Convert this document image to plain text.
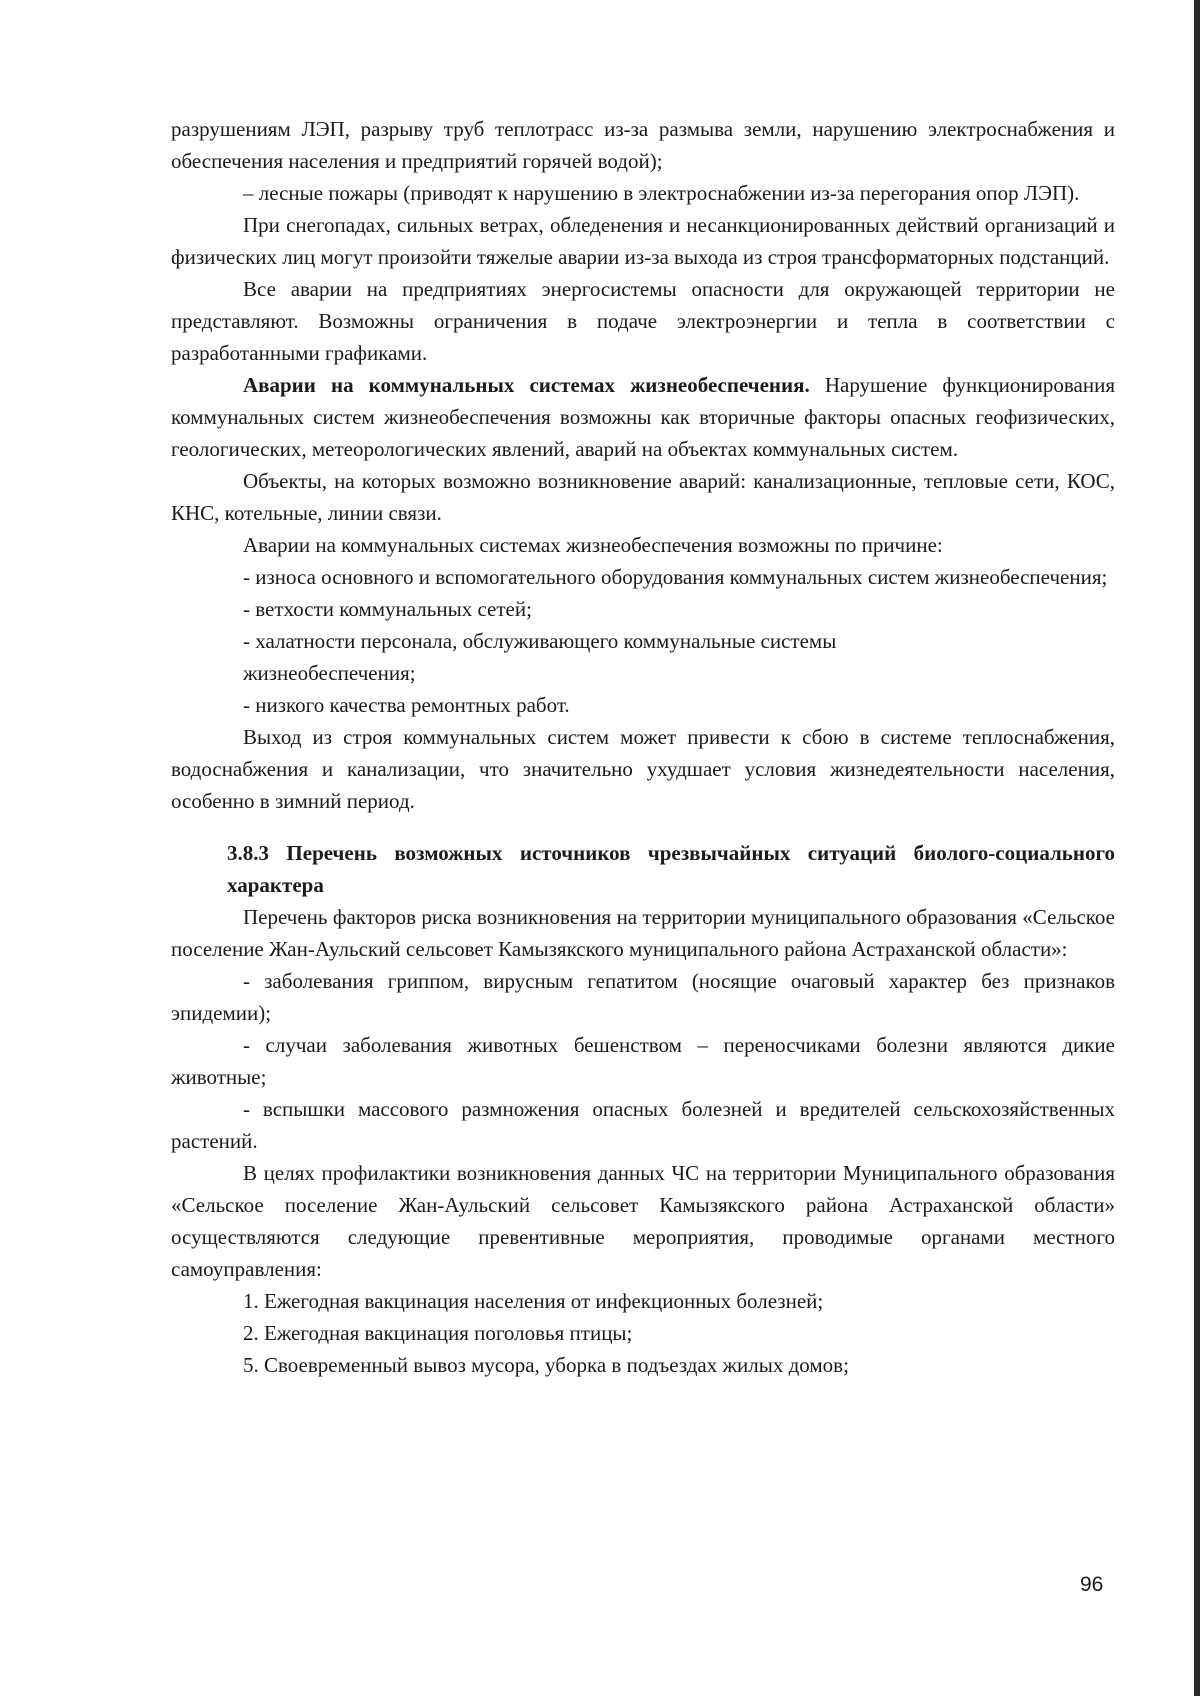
разрушениям ЛЭП, разрыву труб теплотрасс из-за размыва земли, нарушению электроснабжения и обеспечения населения и предприятий горячей водой);

– лесные пожары (приводят к нарушению в электроснабжении из-за перегорания опор ЛЭП).

При снегопадах, сильных ветрах, обледенения и несанкционированных действий организаций и физических лиц могут произойти тяжелые аварии из-за выхода из строя трансформаторных подстанций.

Все аварии на предприятиях энергосистемы опасности для окружающей территории не представляют. Возможны ограничения в подаче электроэнергии и тепла в соответствии с разработанными графиками.

Аварии на коммунальных системах жизнеобеспечения. Нарушение функционирования коммунальных систем жизнеобеспечения возможны как вторичные факторы опасных геофизических, геологических, метеорологических явлений, аварий на объектах коммунальных систем.

Объекты, на которых возможно возникновение аварий: канализационные, тепловые сети, КОС, КНС, котельные, линии связи.

Аварии на коммунальных системах жизнеобеспечения возможны по причине:

- износа основного и вспомогательного оборудования коммунальных систем жизнеобеспечения;

- ветхости коммунальных сетей;

- халатности персонала, обслуживающего коммунальные системы

жизнеобеспечения;

- низкого качества ремонтных работ.

Выход из строя коммунальных систем может привести к сбою в системе теплоснабжения, водоснабжения и канализации, что значительно ухудшает условия жизнедеятельности населения, особенно в зимний период.

3.8.3 Перечень возможных источников чрезвычайных ситуаций биолого-социального характера

Перечень факторов риска возникновения на территории муниципального образования «Сельское поселение Жан-Аульский сельсовет Камызякского муниципального района Астраханской области»:

- заболевания гриппом, вирусным гепатитом (носящие очаговый характер без признаков эпидемии);

- случаи заболевания животных бешенством – переносчиками болезни являются дикие животные;

- вспышки массового размножения опасных болезней и вредителей сельскохозяйственных растений.

В целях профилактики возникновения данных ЧС на территории Муниципального образования «Сельское поселение Жан-Аульский сельсовет Камызякского района Астраханской области» осуществляются следующие превентивные мероприятия, проводимые органами местного самоуправления:

1. Ежегодная вакцинация населения от инфекционных болезней;

2. Ежегодная вакцинация поголовья птицы;

5. Своевременный вывоз мусора, уборка в подъездах жилых домов;

96
